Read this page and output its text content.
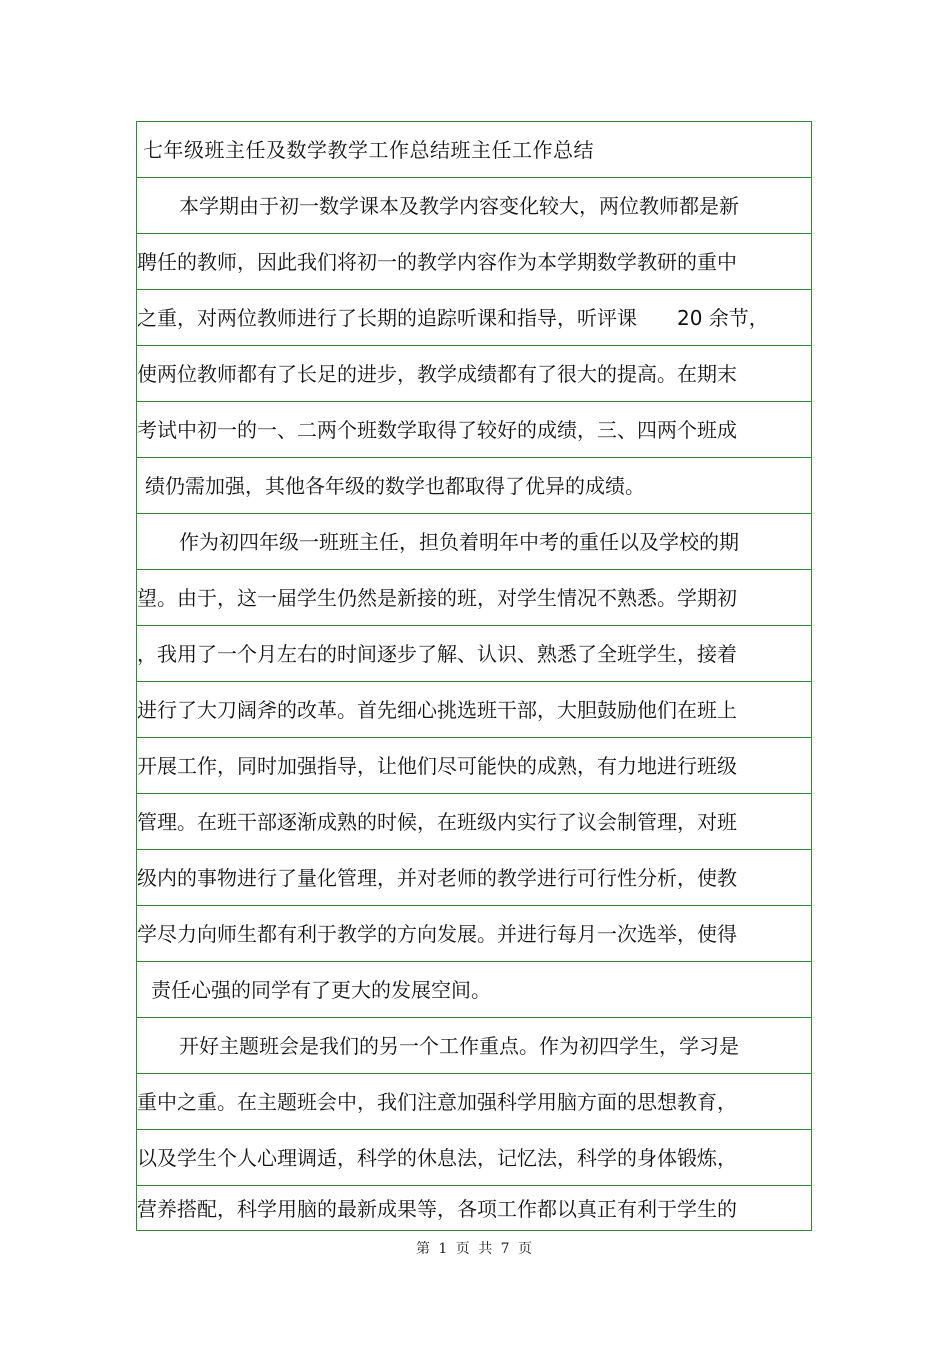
七年级班主任及数学教学工作总结班主任工作总结
本学期由于初一数学课本及教学内容变化较大，两位教师都是新
聘任的教师，因此我们将初一的教学内容作为本学期数学教研的重中
之重，对两位教师进行了长期的追踪听课和指导，听评课　　20 余节，
使两位教师都有了长足的进步，教学成绩都有了很大的提高。在期末
考试中初一的一、二两个班数学取得了较好的成绩，三、四两个班成
绩仍需加强，其他各年级的数学也都取得了优异的成绩。
作为初四年级一班班主任，担负着明年中考的重任以及学校的期
望。由于，这一届学生仍然是新接的班，对学生情况不熟悉。学期初
，我用了一个月左右的时间逐步了解、认识、熟悉了全班学生，接着
进行了大刀阔斧的改革。首先细心挑选班干部，大胆鼓励他们在班上
开展工作，同时加强指导，让他们尽可能快的成熟，有力地进行班级
管理。在班干部逐渐成熟的时候，在班级内实行了议会制管理，对班
级内的事物进行了量化管理，并对老师的教学进行可行性分析，使教
学尽力向师生都有利于教学的方向发展。并进行每月一次选举，使得
责任心强的同学有了更大的发展空间。
开好主题班会是我们的另一个工作重点。作为初四学生，学习是
重中之重。在主题班会中，我们注意加强科学用脑方面的思想教育，
以及学生个人心理调适，科学的休息法，记忆法，科学的身体锻炼，
营养搭配，科学用脑的最新成果等，各项工作都以真正有利于学生的
第 1 页 共 7 页
